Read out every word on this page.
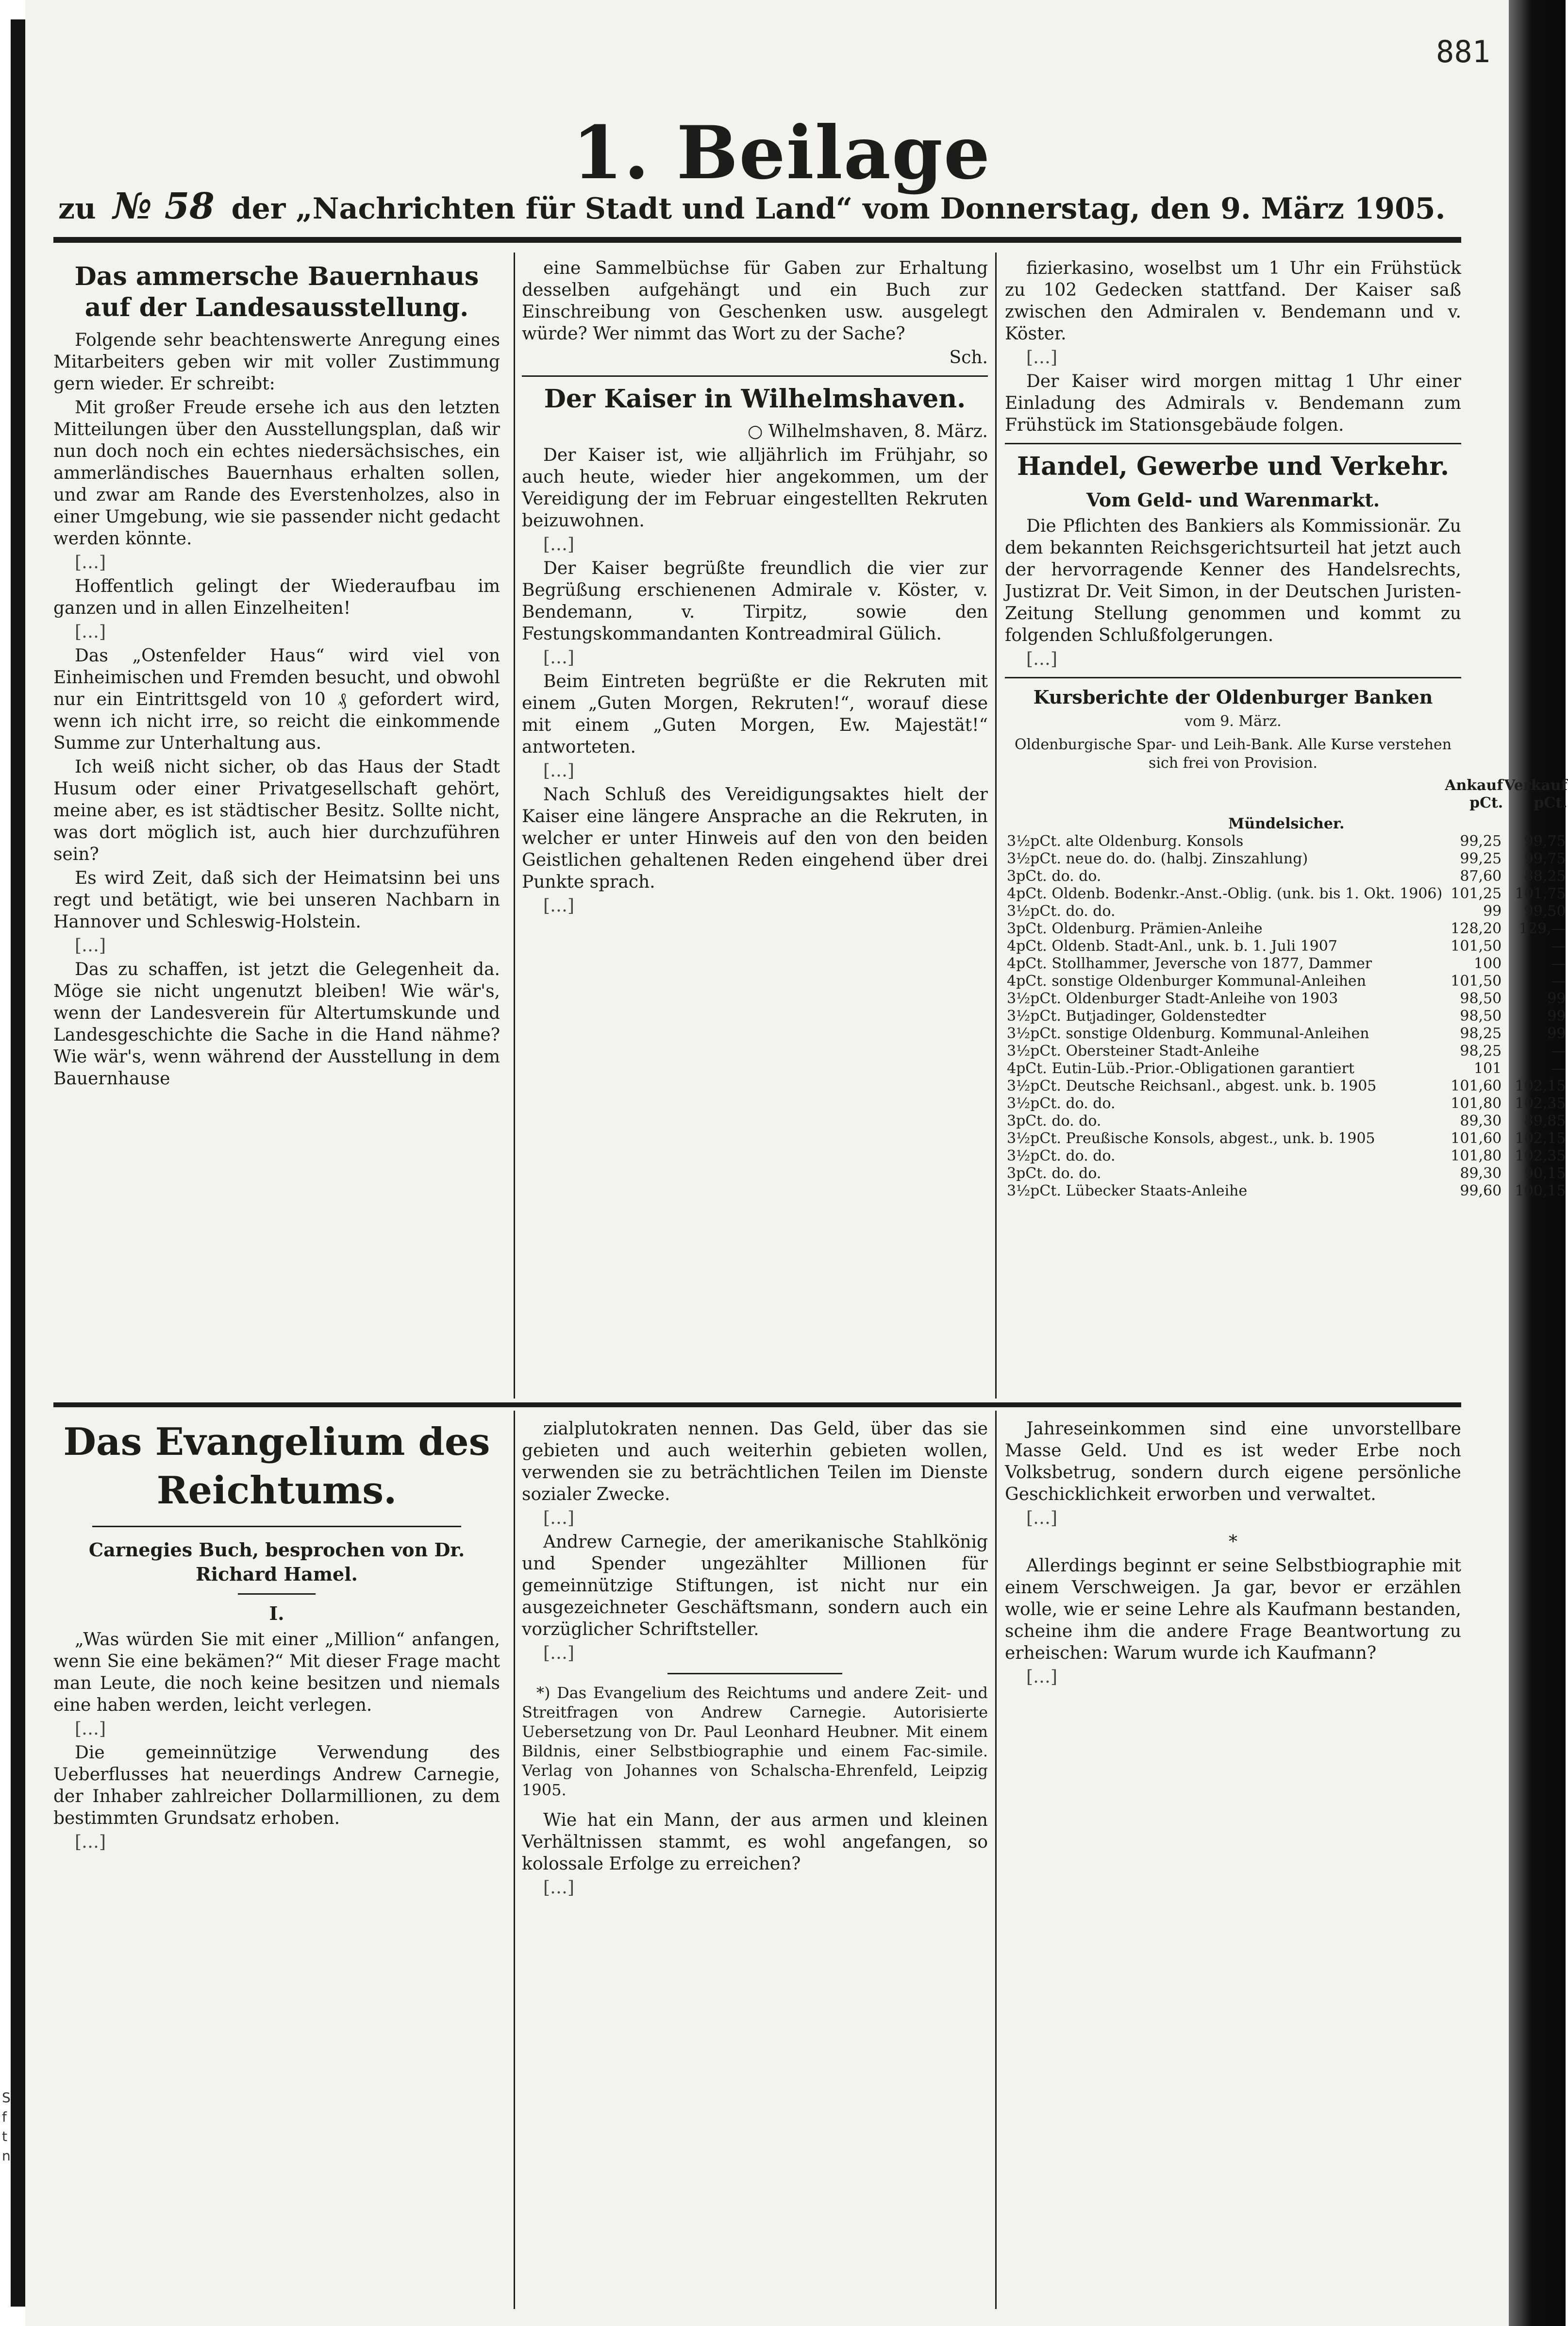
S f t n
881
1. Beilage
zu № 58 der „Nachrichten für Stadt und Land“ vom Donnerstag, den 9. März 1905.
Das ammersche Bauernhaus auf der Landesausstellung.

Folgende sehr beachtenswerte Anregung eines Mitarbeiters geben wir mit voller Zustimmung gern wieder. Er schreibt:

Mit großer Freude ersehe ich aus den letzten Mitteilungen über den Ausstellungsplan, daß wir nun doch noch ein echtes niedersächsisches, ein ammerländisches Bauernhaus erhalten sollen, und zwar am Rande des Everstenholzes, also in einer Umgebung, wie sie passender nicht gedacht werden könnte.

[…]

Hoffentlich gelingt der Wiederaufbau im ganzen und in allen Einzelheiten!

[…]

Das „Ostenfelder Haus“ wird viel von Einheimischen und Fremden besucht, und obwohl nur ein Eintrittsgeld von 10 ₰ gefordert wird, wenn ich nicht irre, so reicht die einkommende Summe zur Unterhaltung aus.

Ich weiß nicht sicher, ob das Haus der Stadt Husum oder einer Privatgesellschaft gehört, meine aber, es ist städtischer Besitz. Sollte nicht, was dort möglich ist, auch hier durchzuführen sein?

Es wird Zeit, daß sich der Heimatsinn bei uns regt und betätigt, wie bei unseren Nachbarn in Hannover und Schleswig-Holstein.

[…]

Das zu schaffen, ist jetzt die Gelegenheit da. Möge sie nicht ungenutzt bleiben! Wie wär's, wenn der Landesverein für Altertumskunde und Landesgeschichte die Sache in die Hand nähme? Wie wär's, wenn während der Ausstellung in dem Bauernhause

eine Sammelbüchse für Gaben zur Erhaltung desselben aufgehängt und ein Buch zur Einschreibung von Geschenken usw. ausgelegt würde? Wer nimmt das Wort zu der Sache?

Sch.

Der Kaiser in Wilhelmshaven.

○ Wilhelmshaven, 8. März.

Der Kaiser ist, wie alljährlich im Frühjahr, so auch heute, wieder hier angekommen, um der Vereidigung der im Februar eingestellten Rekruten beizuwohnen.

[…]

Der Kaiser begrüßte freundlich die vier zur Begrüßung erschienenen Admirale v. Köster, v. Bendemann, v. Tirpitz, sowie den Festungskommandanten Kontreadmiral Gülich.

[…]

Beim Eintreten begrüßte er die Rekruten mit einem „Guten Morgen, Rekruten!“, worauf diese mit einem „Guten Morgen, Ew. Majestät!“ antworteten.

[…]

Nach Schluß des Vereidigungsaktes hielt der Kaiser eine längere Ansprache an die Rekruten, in welcher er unter Hinweis auf den von den beiden Geistlichen gehaltenen Reden eingehend über drei Punkte sprach.

[…]

fizierkasino, woselbst um 1 Uhr ein Frühstück zu 102 Gedecken stattfand. Der Kaiser saß zwischen den Admiralen v. Bendemann und v. Köster.

[…]

Der Kaiser wird morgen mittag 1 Uhr einer Einladung des Admirals v. Bendemann zum Frühstück im Stationsgebäude folgen.

Handel, Gewerbe und Verkehr.
Vom Geld- und Warenmarkt.

Die Pflichten des Bankiers als Kommissionär. Zu dem bekannten Reichsgerichtsurteil hat jetzt auch der hervorragende Kenner des Handelsrechts, Justizrat Dr. Veit Simon, in der Deutschen Juristen-Zeitung Stellung genommen und kommt zu folgenden Schlußfolgerungen.

[…]

Kursberichte der Oldenburger Banken
vom 9. März.
Oldenburgische Spar- und Leih-Bank. Alle Kurse verstehen sich frei von Provision.
	Ankauf pCt.	Verkauf pCt.
Mündelsicher.		
3½pCt. alte Oldenburg. Konsols	99,25	99,75
3½pCt. neue do. do. (halbj. Zinszahlung)	99,25	99,75
3pCt. do. do.	87,60	88,25
4pCt. Oldenb. Bodenkr.-Anst.-Oblig. (unk. bis 1. Okt. 1906)	101,25	101,75
3½pCt. do. do.	99	99,50
3pCt. Oldenburg. Prämien-Anleihe	128,20	129,—
4pCt. Oldenb. Stadt-Anl., unk. b. 1. Juli 1907	101,50	—
4pCt. Stollhammer, Jeversche von 1877, Dammer	100	—
4pCt. sonstige Oldenburger Kommunal-Anleihen	101,50	—
3½pCt. Oldenburger Stadt-Anleihe von 1903	98,50	99
3½pCt. Butjadinger, Goldenstedter	98,50	99
3½pCt. sonstige Oldenburg. Kommunal-Anleihen	98,25	99
3½pCt. Obersteiner Stadt-Anleihe	98,25	—
4pCt. Eutin-Lüb.-Prior.-Obligationen garantiert	101	—
3½pCt. Deutsche Reichsanl., abgest. unk. b. 1905	101,60	102,15
3½pCt. do. do.	101,80	102,35
3pCt. do. do.	89,30	89,85
3½pCt. Preußische Konsols, abgest., unk. b. 1905	101,60	102,15
3½pCt. do. do.	101,80	102,35
3pCt. do. do.	89,30	90,15
3½pCt. Lübecker Staats-Anleihe	99,60	100,15
Das Evangelium des
Reichtums.
Carnegies Buch, besprochen von Dr. Richard Hamel.
I.

„Was würden Sie mit einer „Million“ anfangen, wenn Sie eine bekämen?“ Mit dieser Frage macht man Leute, die noch keine besitzen und niemals eine haben werden, leicht verlegen.

[…]

Die gemeinnützige Verwendung des Ueberflusses hat neuerdings Andrew Carnegie, der Inhaber zahlreicher Dollarmillionen, zu dem bestimmten Grundsatz erhoben.

[…]

zialplutokraten nennen. Das Geld, über das sie gebieten und auch weiterhin gebieten wollen, verwenden sie zu beträchtlichen Teilen im Dienste sozialer Zwecke.

[…]

Andrew Carnegie, der amerikanische Stahlkönig und Spender ungezählter Millionen für gemeinnützige Stiftungen, ist nicht nur ein ausgezeichneter Geschäftsmann, sondern auch ein vorzüglicher Schriftsteller.

[…]

*) Das Evangelium des Reichtums und andere Zeit- und Streitfragen von Andrew Carnegie. Autorisierte Uebersetzung von Dr. Paul Leonhard Heubner. Mit einem Bildnis, einer Selbstbiographie und einem Fac-simile. Verlag von Johannes von Schalscha-Ehrenfeld, Leipzig 1905.

Wie hat ein Mann, der aus armen und kleinen Verhältnissen stammt, es wohl angefangen, so kolossale Erfolge zu erreichen?

[…]

Jahreseinkommen sind eine unvorstellbare Masse Geld. Und es ist weder Erbe noch Volksbetrug, sondern durch eigene persönliche Geschicklichkeit erworben und verwaltet.

[…]

*

Allerdings beginnt er seine Selbstbiographie mit einem Verschweigen. Ja gar, bevor er erzählen wolle, wie er seine Lehre als Kaufmann bestanden, scheine ihm die andere Frage Beantwortung zu erheischen: Warum wurde ich Kaufmann?

[…]
